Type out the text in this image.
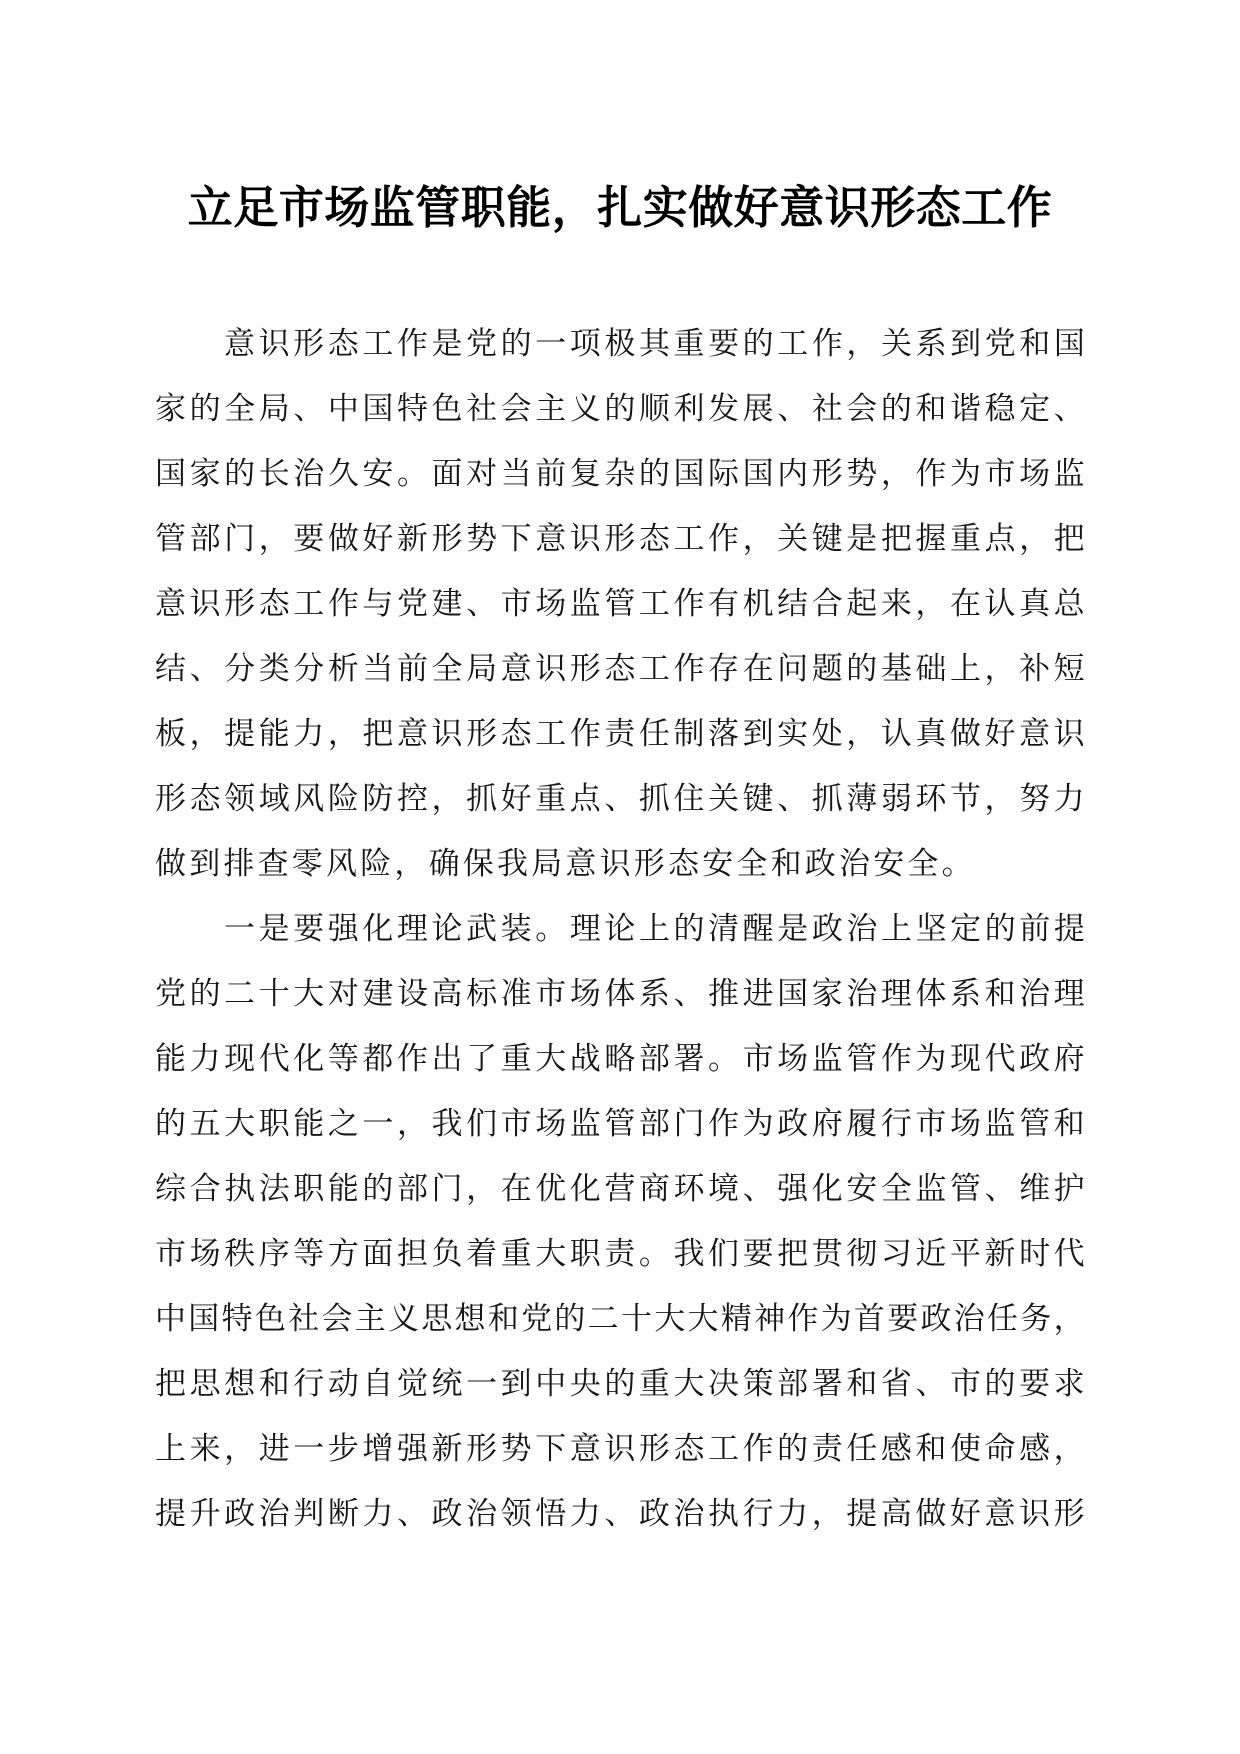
立足市场监管职能，扎实做好意识形态工作
意 识 形 态 工 作 是 党 的 一 项 极 其 重 要 的 工 作 ， 关 系 到 党 和 国
家 的 全 局 、 中 国 特 色 社 会 主 义 的 顺 利 发 展 、 社 会 的 和 谐 稳 定 、
国 家 的 长 治 久 安 。 面 对 当 前 复 杂 的 国 际 国 内 形 势 ， 作 为 市 场 监
管 部 门 ， 要 做 好 新 形 势 下 意 识 形 态 工 作 ， 关 键 是 把 握 重 点 ， 把
意 识 形 态 工 作 与 党 建 、 市 场 监 管 工 作 有 机 结 合 起 来 ， 在 认 真 总
结 、 分 类 分 析 当 前 全 局 意 识 形 态 工 作 存 在 问 题 的 基 础 上 ， 补 短
板 ， 提 能 力 ， 把 意 识 形 态 工 作 责 任 制 落 到 实 处 ， 认 真 做 好 意 识
形 态 领 域 风 险 防 控 ， 抓 好 重 点 、 抓 住 关 键 、 抓 薄 弱 环 节 ， 努 力
做到排查零风险，确保我局意识形态安全和政治安全。
一 是 要 强 化 理 论 武 装 。 理 论 上 的 清 醒 是 政 治 上 坚 定 的 前 提
党 的 二 十 大 对 建 设 高 标 准 市 场 体 系 、 推 进 国 家 治 理 体 系 和 治 理
能 力 现 代 化 等 都 作 出 了 重 大 战 略 部 署 。 市 场 监 管 作 为 现 代 政 府
的 五 大 职 能 之 一 ， 我 们 市 场 监 管 部 门 作 为 政 府 履 行 市 场 监 管 和
综 合 执 法 职 能 的 部 门 ， 在 优 化 营 商 环 境 、 强 化 安 全 监 管 、 维 护
市 场 秩 序 等 方 面 担 负 着 重 大 职 责 。 我 们 要 把 贯 彻 习 近 平 新 时 代
中 国 特 色 社 会 主 义 思 想 和 党 的 二 十 大 大 精 神 作 为 首 要 政 治 任 务 ，
把 思 想 和 行 动 自 觉 统 一 到 中 央 的 重 大 决 策 部 署 和 省 、 市 的 要 求
上 来 ， 进 一 步 增 强 新 形 势 下 意 识 形 态 工 作 的 责 任 感 和 使 命 感 ，
提 升 政 治 判 断 力 、 政 治 领 悟 力 、 政 治 执 行 力 ， 提 高 做 好 意 识 形
